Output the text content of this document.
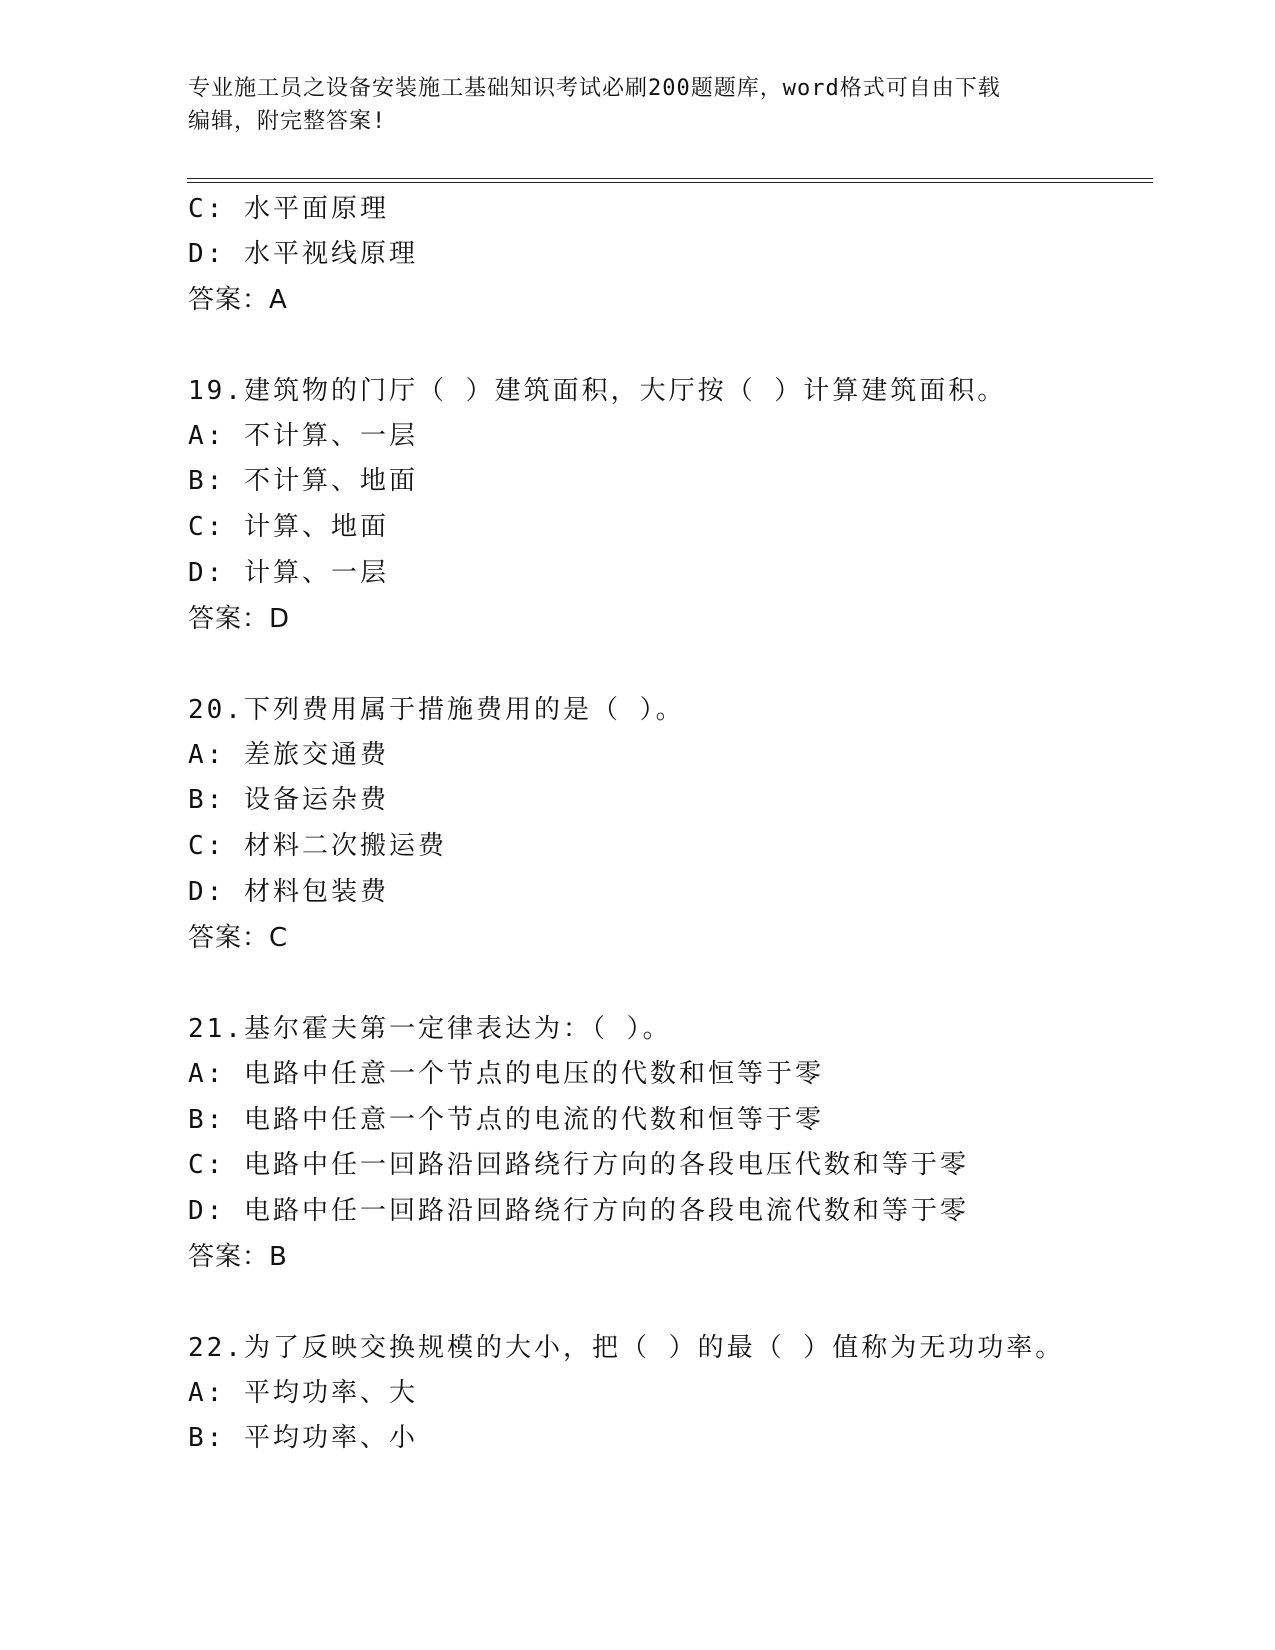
专业施工员之设备安装施工基础知识考试必刷200题题库，word格式可自由下载
编辑，附完整答案!
C: 水平面原理
D: 水平视线原理
答案：A
19.建筑物的门厅（ ）建筑面积，大厅按（ ）计算建筑面积。
A: 不计算、一层
B: 不计算、地面
C: 计算、地面
D: 计算、一层
答案：D
20.下列费用属于措施费用的是（ ）。
A: 差旅交通费
B: 设备运杂费
C: 材料二次搬运费
D: 材料包装费
答案：C
21.基尔霍夫第一定律表达为：（ ）。
A: 电路中任意一个节点的电压的代数和恒等于零
B: 电路中任意一个节点的电流的代数和恒等于零
C: 电路中任一回路沿回路绕行方向的各段电压代数和等于零
D: 电路中任一回路沿回路绕行方向的各段电流代数和等于零
答案：B
22.为了反映交换规模的大小，把（ ）的最（ ）值称为无功功率。
A: 平均功率、大
B: 平均功率、小
